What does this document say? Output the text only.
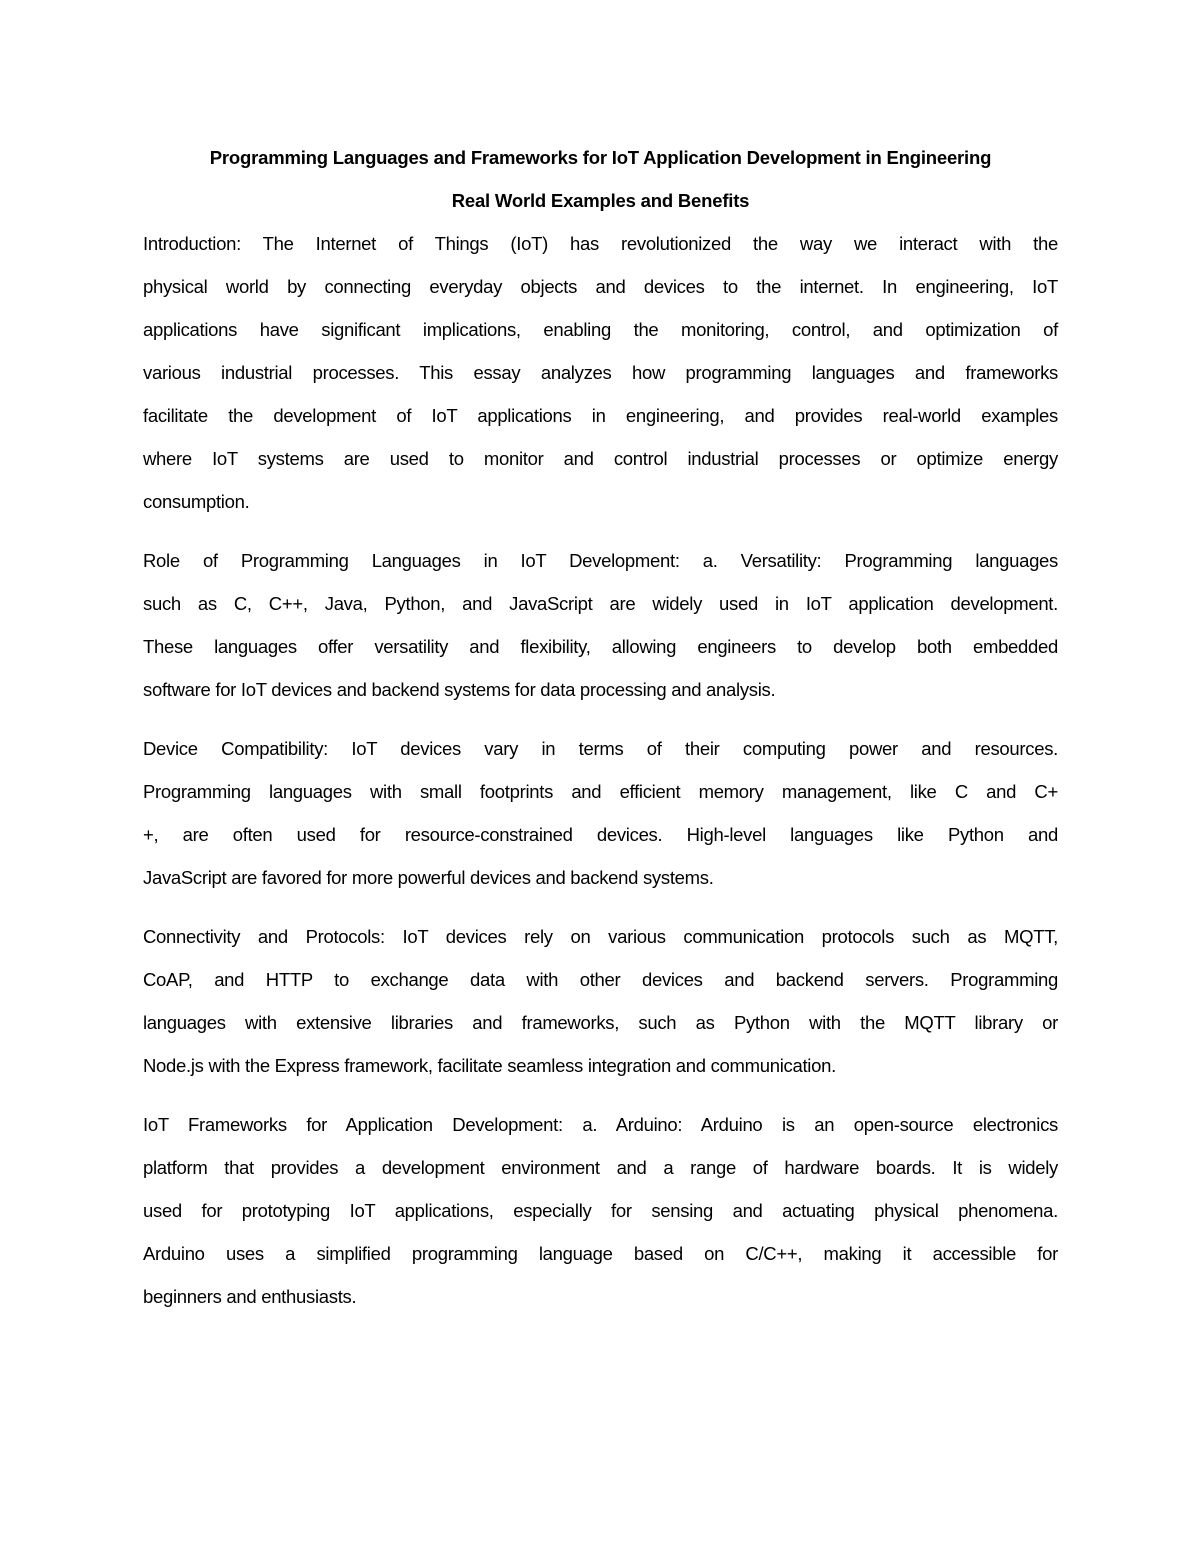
Programming Languages and Frameworks for IoT Application Development in Engineering
Real World Examples and Benefits
Introduction: The Internet of Things (IoT) has revolutionized the way we interact with the
physical world by connecting everyday objects and devices to the internet. In engineering, IoT
applications have significant implications, enabling the monitoring, control, and optimization of
various industrial processes. This essay analyzes how programming languages and frameworks
facilitate the development of IoT applications in engineering, and provides real-world examples
where IoT systems are used to monitor and control industrial processes or optimize energy
consumption.
Role of Programming Languages in IoT Development: a. Versatility: Programming languages
such as C, C++, Java, Python, and JavaScript are widely used in IoT application development.
These languages offer versatility and flexibility, allowing engineers to develop both embedded
software for IoT devices and backend systems for data processing and analysis.
Device Compatibility: IoT devices vary in terms of their computing power and resources.
Programming languages with small footprints and efficient memory management, like C and C+
+, are often used for resource-constrained devices. High-level languages like Python and
JavaScript are favored for more powerful devices and backend systems.
Connectivity and Protocols: IoT devices rely on various communication protocols such as MQTT,
CoAP, and HTTP to exchange data with other devices and backend servers. Programming
languages with extensive libraries and frameworks, such as Python with the MQTT library or
Node.js with the Express framework, facilitate seamless integration and communication.
IoT Frameworks for Application Development: a. Arduino: Arduino is an open-source electronics
platform that provides a development environment and a range of hardware boards. It is widely
used for prototyping IoT applications, especially for sensing and actuating physical phenomena.
Arduino uses a simplified programming language based on C/C++, making it accessible for
beginners and enthusiasts.
